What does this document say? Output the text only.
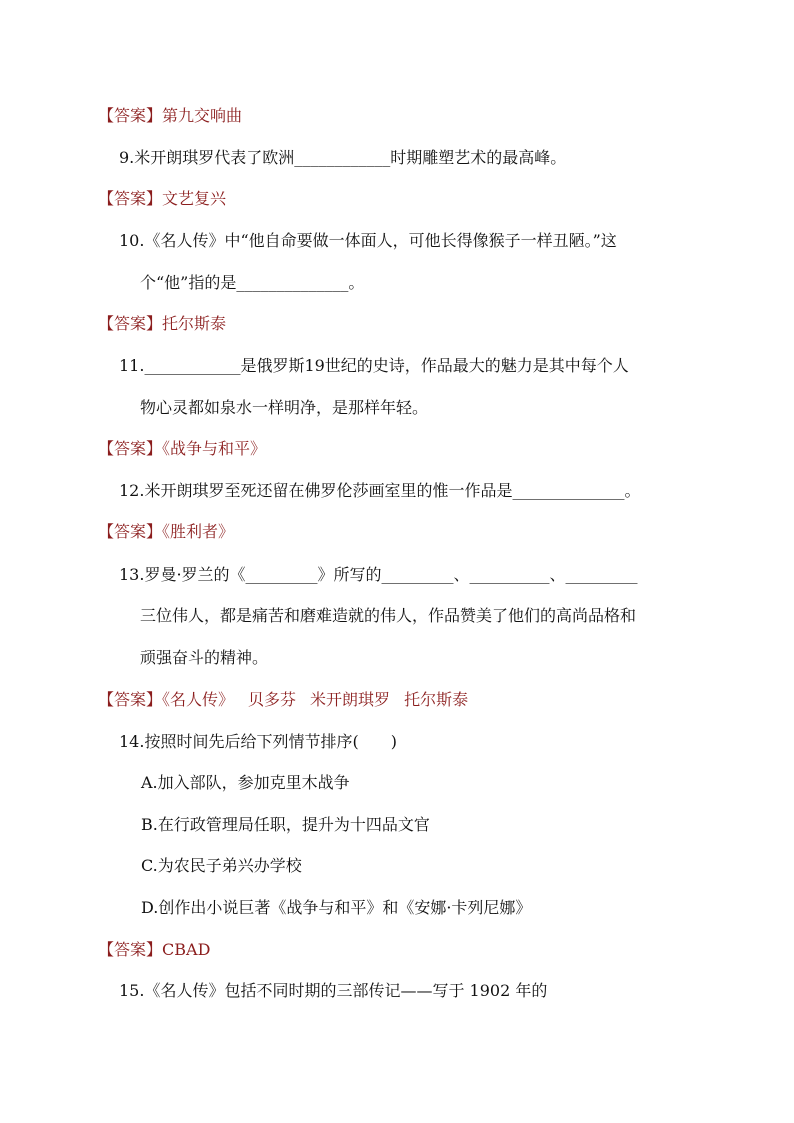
【答案】第九交响曲
9.米开朗琪罗代表了欧洲____________时期雕塑艺术的最高峰。
【答案】文艺复兴
10.《名人传》中“他自命要做一体面人，可他长得像猴子一样丑陋。”这
个“他”指的是______________。
【答案】托尔斯泰
11.____________是俄罗斯19世纪的史诗，作品最大的魅力是其中每个人
物心灵都如泉水一样明净，是那样年轻。
【答案】《战争与和平》
12.米开朗琪罗至死还留在佛罗伦莎画室里的惟一作品是______________。
【答案】《胜利者》
13.罗曼·罗兰的《_________》所写的_________、__________、_________
三位伟人，都是痛苦和磨难造就的伟人，作品赞美了他们的高尚品格和
顽强奋斗的精神。
【答案】《名人传》 贝多芬 米开朗琪罗 托尔斯泰
14.按照时间先后给下列情节排序(　　)
A.加入部队，参加克里木战争
B.在行政管理局任职，提升为十四品文官
C.为农民子弟兴办学校
D.创作出小说巨著《战争与和平》和《安娜·卡列尼娜》
【答案】CBAD
15.《名人传》包括不同时期的三部传记——写于 1902 年的
